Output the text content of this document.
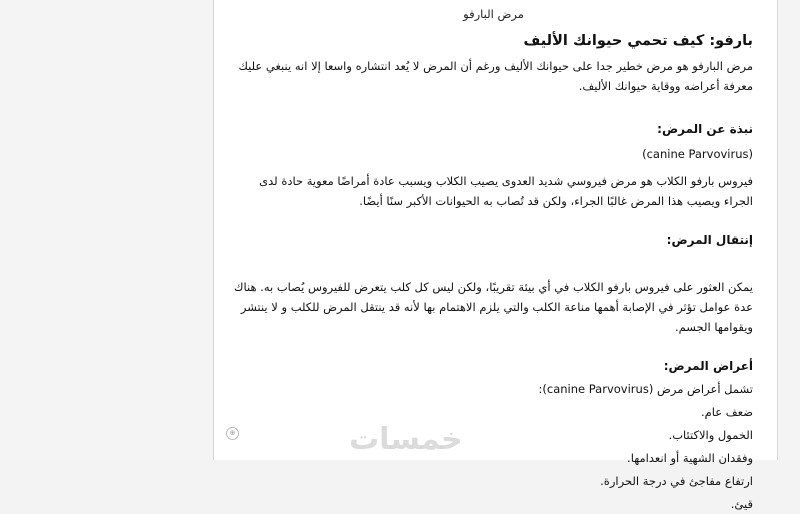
مرض البارفو
بارفو: كيف تحمي حيوانك الأليف

مرض البارفو هو مرض خطير جدا على حيوانك الأليف ورغم أن المرض لا يُعد انتشاره واسعا إلا انه ينبغي عليك معرفة أعراضه ووقاية حيوانك الأليف.

نبذة عن المرض:

(canine Parvovirus)

فيروس بارفو الكلاب هو مرض فيروسي شديد العدوى يصيب الكلاب ويسبب عادة أمراضًا معوية حادة لدى الجراء ويصيب هذا المرض غالبًا الجراء، ولكن قد تُصاب به الحيوانات الأكبر سنًا أيضًا.

إنتقال المرض:

يمكن العثور على فيروس بارفو الكلاب في أي بيئة تقريبًا، ولكن ليس كل كلب يتعرض للفيروس يُصاب به. هناك عدة عوامل تؤثر في الإصابة أهمها مناعة الكلب والتي يلزم الاهتمام بها لأنه قد ينتقل المرض للكلب و لا ينتشر ويقوامها الجسم.

أعراض المرض:

تشمل أعراض مرض (canine Parvovirus):

ضعف عام.
الخمول والاكتئاب.
وفقدان الشهية أو انعدامها.
ارتفاع مفاجئ في درجة الحرارة.
قيئ.
⊕	خمسات
